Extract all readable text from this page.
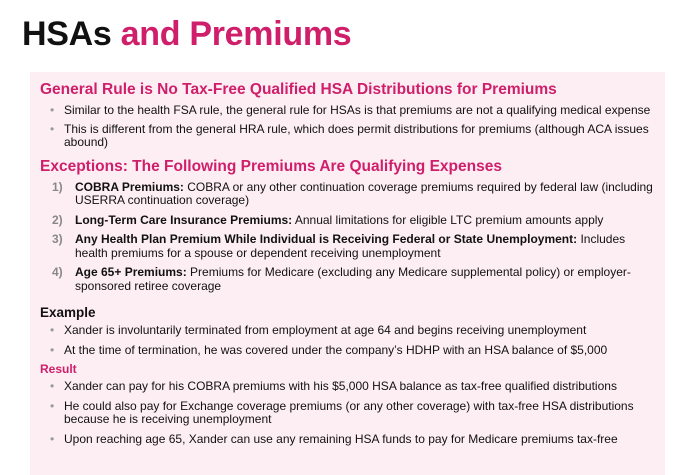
HSAs and Premiums
General Rule is No Tax-Free Qualified HSA Distributions for Premiums
• Similar to the health FSA rule, the general rule for HSAs is that premiums are not a qualifying medical expense
• This is different from the general HRA rule, which does permit distributions for premiums (although ACA issues abound)
Exceptions: The Following Premiums Are Qualifying Expenses
1) COBRA Premiums: COBRA or any other continuation coverage premiums required by federal law (including USERRA continuation coverage)
2) Long-Term Care Insurance Premiums: Annual limitations for eligible LTC premium amounts apply
3) Any Health Plan Premium While Individual is Receiving Federal or State Unemployment: Includes health premiums for a spouse or dependent receiving unemployment
4) Age 65+ Premiums: Premiums for Medicare (excluding any Medicare supplemental policy) or employer-sponsored retiree coverage
Example
• Xander is involuntarily terminated from employment at age 64 and begins receiving unemployment
• At the time of termination, he was covered under the company’s HDHP with an HSA balance of $5,000
Result
• Xander can pay for his COBRA premiums with his $5,000 HSA balance as tax-free qualified distributions
• He could also pay for Exchange coverage premiums (or any other coverage) with tax-free HSA distributions because he is receiving unemployment
• Upon reaching age 65, Xander can use any remaining HSA funds to pay for Medicare premiums tax-free
